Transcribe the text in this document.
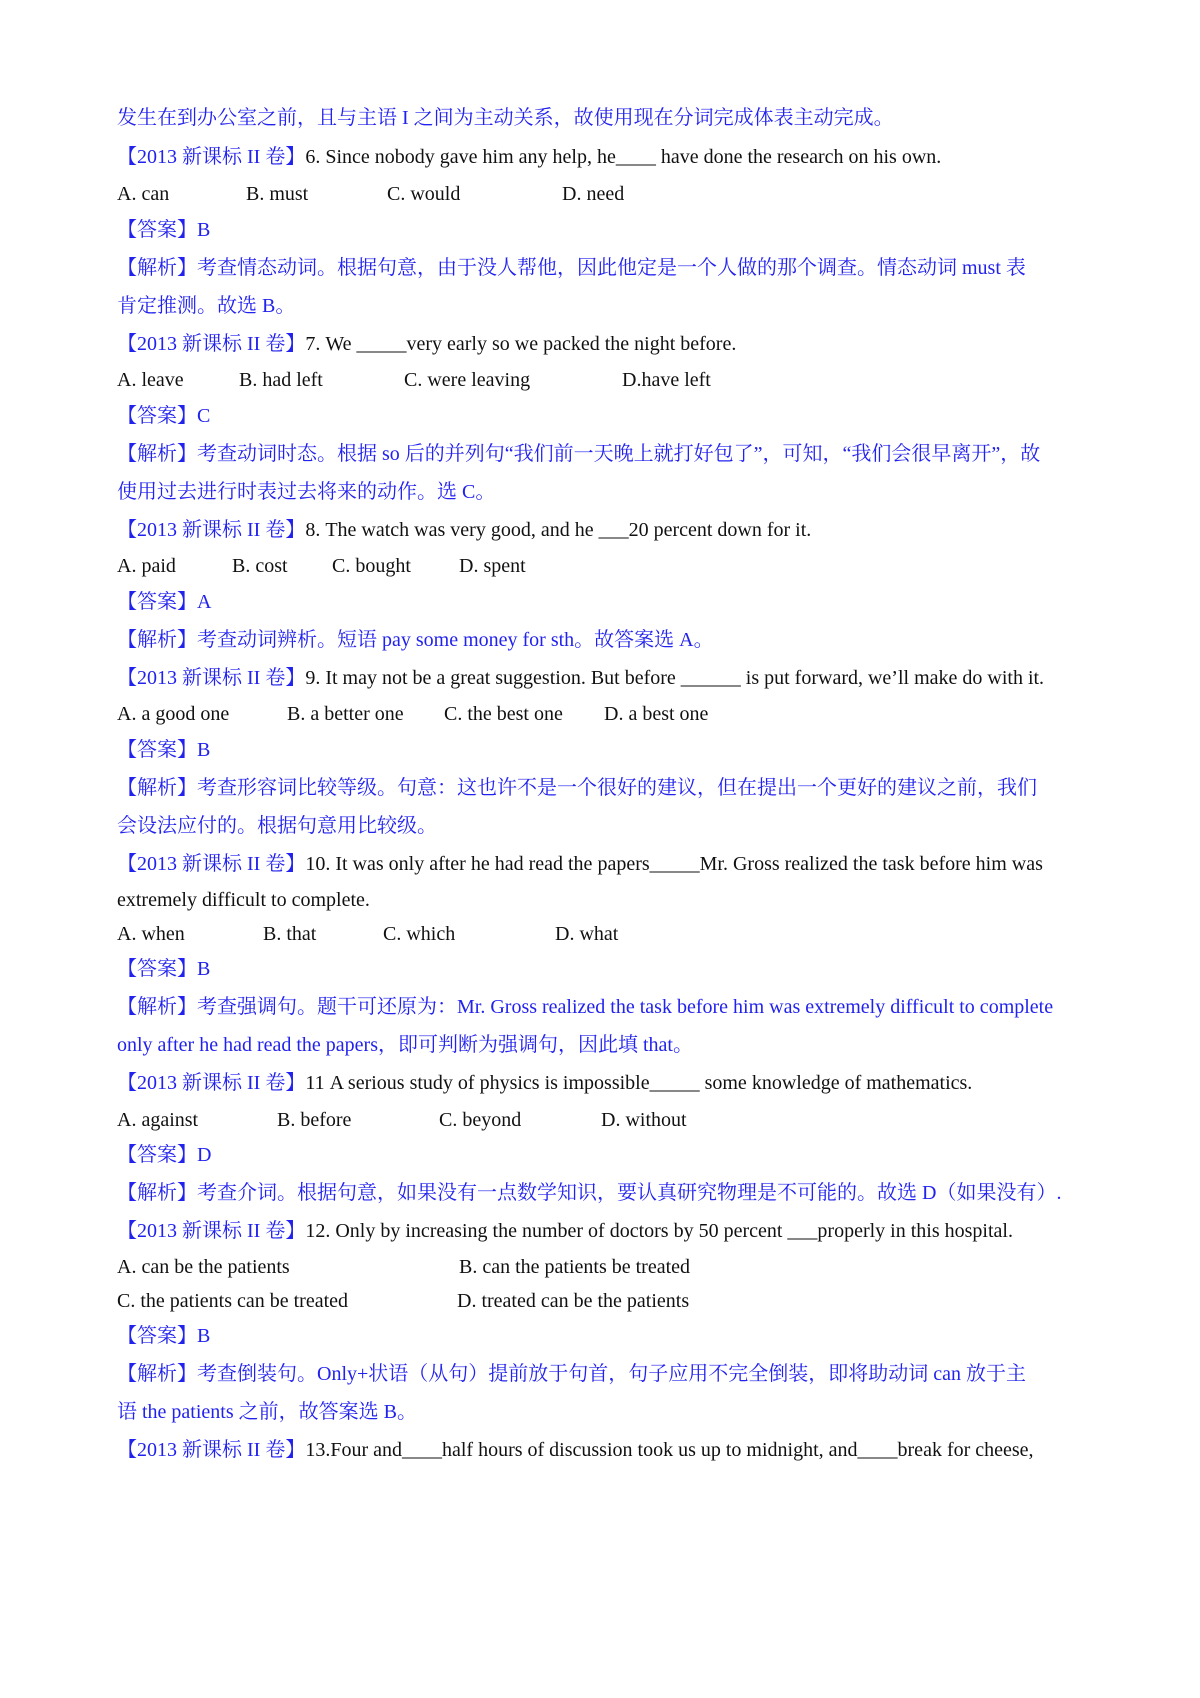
发生在到办公室之前，且与主语 I 之间为主动关系，故使用现在分词完成体表主动完成。
【2013 新课标 II 卷】6. Since nobody gave him any help, he____ have done the research on his own.
A. can	B. must	C. would	D. need
【答案】B
【解析】考查情态动词。根据句意，由于没人帮他，因此他定是一个人做的那个调查。情态动词 must 表
肯定推测。故选 B。
【2013 新课标 II 卷】7. We _____very early so we packed the night before.
A. leave	B. had left	C. were leaving	D.have left
【答案】C
【解析】考查动词时态。根据 so 后的并列句“我们前一天晚上就打好包了”，可知，“我们会很早离开”，故
使用过去进行时表过去将来的动作。选 C。
【2013 新课标 II 卷】8. The watch was very good, and he ___20 percent down for it.
A. paid	B. cost C. bought D. spent
【答案】A
【解析】考查动词辨析。短语 pay some money for sth。故答案选 A。
【2013 新课标 II 卷】9. It may not be a great suggestion. But before ______ is put forward, we’ll make do with it.
A. a good one	B. a better one C. the best one D. a best one
【答案】B
【解析】考查形容词比较等级。句意：这也许不是一个很好的建议，但在提出一个更好的建议之前，我们
会设法应付的。根据句意用比较级。
【2013 新课标 II 卷】10. It was only after he had read the papers_____Mr. Gross realized the task before him was
extremely difficult to complete.
A. when	B. that	C. which	D. what
【答案】B
【解析】考查强调句。题干可还原为：Mr. Gross realized the task before him was extremely difficult to complete
only after he had read the papers，即可判断为强调句，因此填 that。
【2013 新课标 II 卷】11 A serious study of physics is impossible_____ some knowledge of mathematics.
A. against	B. before	C. beyond	D. without
【答案】D
【解析】考查介词。根据句意，如果没有一点数学知识，要认真研究物理是不可能的。故选 D（如果没有）.
【2013 新课标 II 卷】12. Only by increasing the number of doctors by 50 percent ___properly in this hospital.
A. can be the patients	B. can the patients be treated
C. the patients can be treated	D. treated can be the patients
【答案】B
【解析】考查倒装句。Only+状语（从句）提前放于句首，句子应用不完全倒装，即将助动词 can 放于主
语 the patients 之前，故答案选 B。
【2013 新课标 II 卷】13.Four and____half hours of discussion took us up to midnight, and____break for cheese,
